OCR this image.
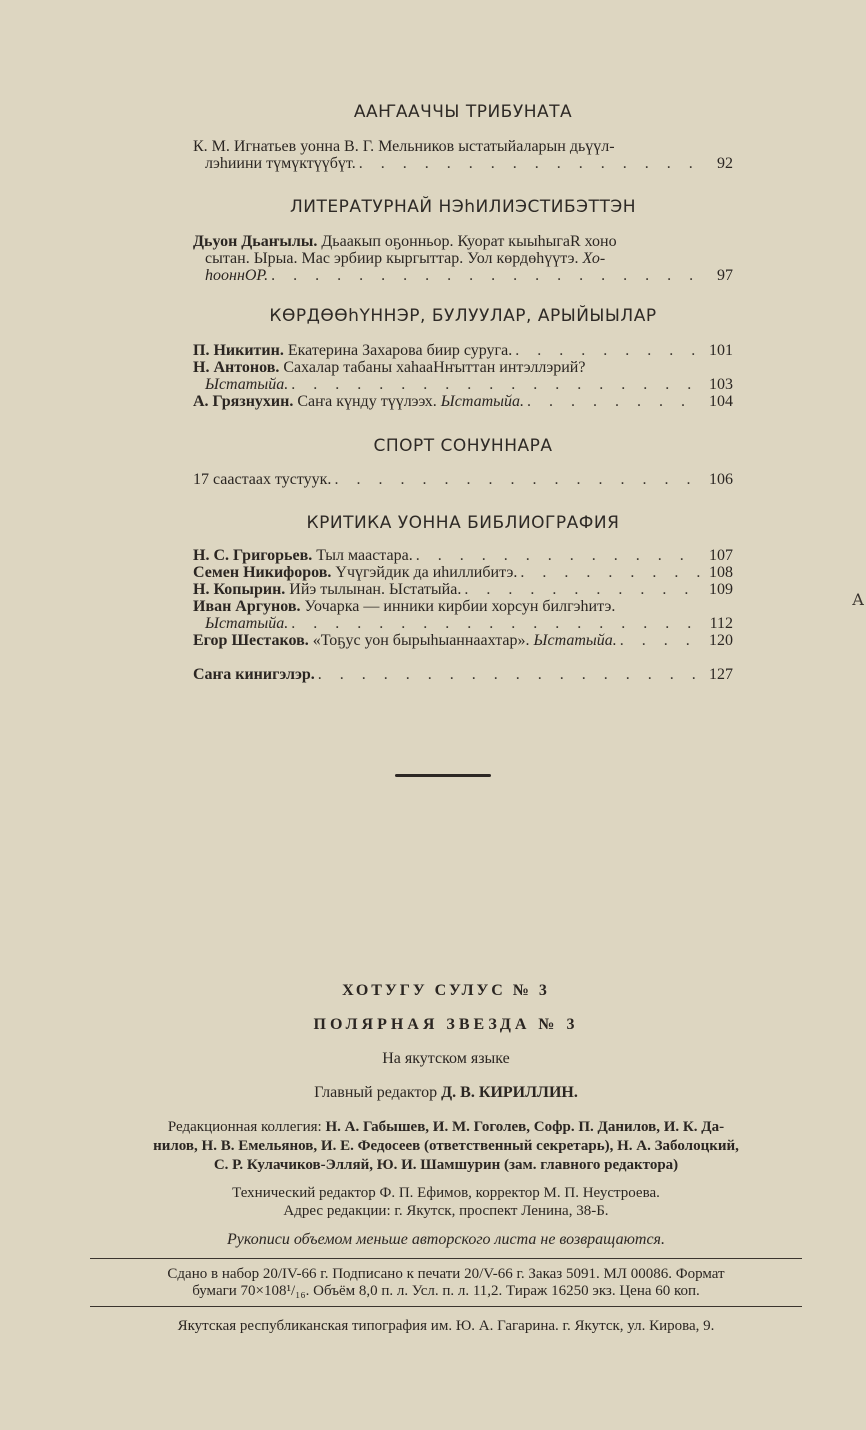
ААҤААЧЧЫ ТРИБУНАТА
К. М. Игнатьев уонна В. Г. Мельников ыстатыйаларын дьүүл-
лэһиини түмүктүүбүт. . . .	92
ЛИТЕРАТУРНАЙ НЭһИЛИЭСТИБЭТТЭН
Дьуон Дьаҥылы. Дьаакып оҕонньор. Куорат кыыһыгaR хоно
сытан. Ырыа. Мас эрбиир кыргыттар. Уол көрдөһүүтэ. Хо-
һооннOP. . . .	97
КӨРДӨӨһҮННЭР, БУЛУУЛАР, АРЫЙЫЫЛАР
П. Никитин. Екатерина Захарова биир суруга. . . .	101
Н. Антонов. Сахалар табаны хаһаaНҥыттан интэллэрий?
Ыстатыйа. . . .	103
А. Грязнухин. Саҥа күнду түүлээх. Ыстатыйа. . . .	104
СПОРТ СОНУННАРА
17 саастаах тустуук. . . .	106
КРИТИКА УОННА БИБЛИОГРАФИЯ
Н. С. Григорьев. Тыл маастара. . . .	107
Семен Никифоров. Үчүгэйдик да иһиллибитэ. . . .	108
Н. Копырин. Ийэ тылынан. Ыстатыйа. . . .	109
Иван Аргунов. Уочарка — инники кирбии хорсун билгэһитэ.
Ыстатыйа. . . .	112
Егор Шестаков. «Тоҕус уон бырыһыаннаахтар». Ыстатыйа. . . .	120
Саҥа кинигэлэр. . . .	127
А
ХОТУГУ СУЛУС № 3
ПОЛЯРНАЯ ЗВЕЗДА № 3
На якутском языке
Главный редактор Д. В. КИРИЛЛИН.
Редакционная коллегия: Н. А. Габышев, И. М. Гоголев, Софр. П. Данилов, И. К. Да-
нилов, Н. В. Емельянов, И. Е. Федосеев (ответственный секретарь), Н. А. Заболоцкий,
С. Р. Кулачиков-Элляй, Ю. И. Шамшурин (зам. главного редактора)
Технический редактор Ф. П. Ефимов, корректор М. П. Неустроева.
Адрес редакции: г. Якутск, проспект Ленина, 38-Б.
Рукописи объемом меньше авторского листа не возвращаются.
Сдано в набор 20/IV-66 г. Подписано к печати 20/V-66 г. Заказ 5091. МЛ 00086. Формат
бумаги 70×108¹/₁₆. Объём 8,0 п. л. Усл. п. л. 11,2. Тираж 16250 экз. Цена 60 коп.
Якутская республиканская типография им. Ю. А. Гагарина. г. Якутск, ул. Кирова, 9.
